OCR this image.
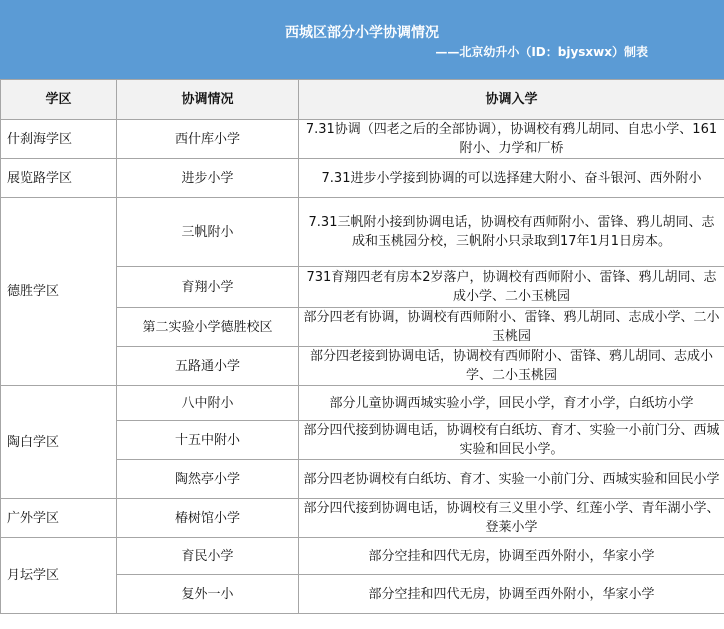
西城区部分小学协调情况
——北京幼升小（ID：bjysxwx）制表
学区	协调情况	协调入学
什刹海学区	西什库小学	7.31协调（四老之后的全部协调），协调校有鸦儿胡同、自忠小学、161附小、力学和厂桥
展览路学区	进步小学	7.31进步小学接到协调的可以选择建大附小、奋斗银河、西外附小
德胜学区	三帆附小	7.31三帆附小接到协调电话，协调校有西师附小、雷锋、鸦儿胡同、志成和玉桃园分校，三帆附小只录取到17年1月1日房本。
	育翔小学	731育翔四老有房本2岁落户，协调校有西师附小、雷锋、鸦儿胡同、志成小学、二小玉桃园
	第二实验小学德胜校区	部分四老有协调，协调校有西师附小、雷锋、鸦儿胡同、志成小学、二小玉桃园
	五路通小学	部分四老接到协调电话，协调校有西师附小、雷锋、鸦儿胡同、志成小学、二小玉桃园
陶白学区	八中附小	部分儿童协调西城实验小学，回民小学，育才小学，白纸坊小学
	十五中附小	部分四代接到协调电话，协调校有白纸坊、育才、实验一小前门分、西城实验和回民小学。
	陶然亭小学	部分四老协调校有白纸坊、育才、实验一小前门分、西城实验和回民小学
广外学区	椿树馆小学	部分四代接到协调电话，协调校有三义里小学、红莲小学、青年湖小学、登莱小学
月坛学区	育民小学	部分空挂和四代无房，协调至西外附小，华家小学
	复外一小	部分空挂和四代无房，协调至西外附小，华家小学
